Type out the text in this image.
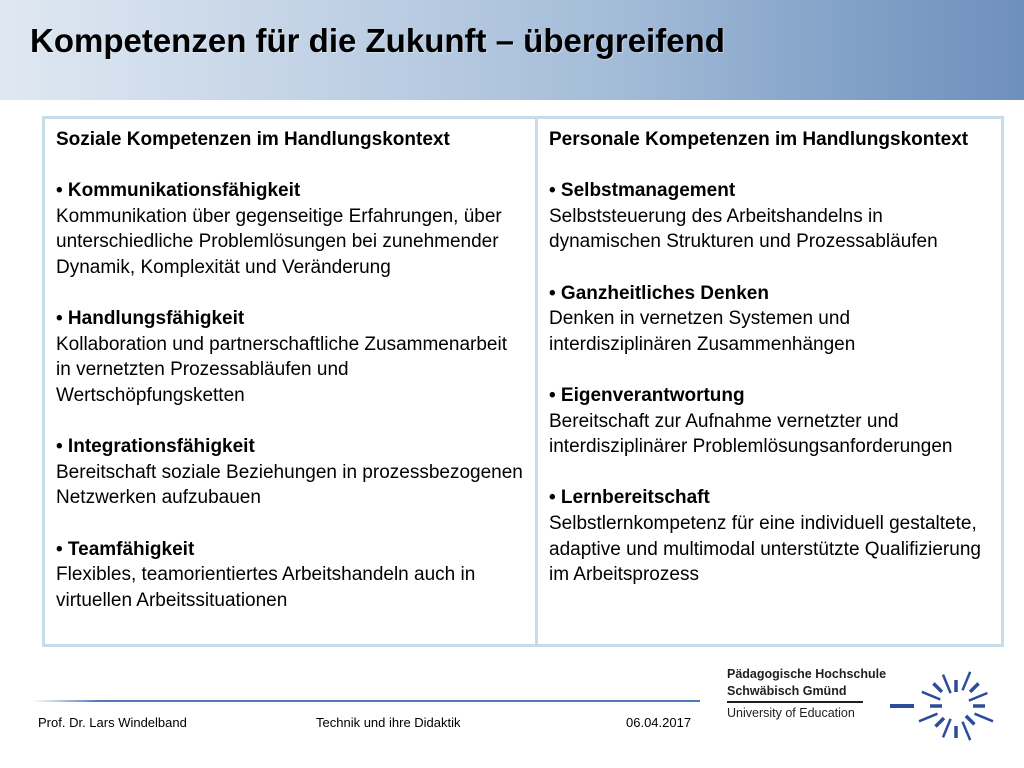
Kompetenzen für die Zukunft – übergreifend
Soziale Kompetenzen im Handlungskontext
• Kommunikationsfähigkeit
Kommunikation über gegenseitige Erfahrungen, über unterschiedliche Problemlösungen bei zunehmender Dynamik, Komplexität und Veränderung
• Handlungsfähigkeit
Kollaboration und partnerschaftliche Zusammenarbeit in vernetzten Prozessabläufen und Wertschöpfungsketten
• Integrationsfähigkeit
Bereitschaft soziale Beziehungen in prozessbezogenen Netzwerken aufzubauen
• Teamfähigkeit
Flexibles, teamorientiertes Arbeitshandeln auch in virtuellen Arbeitssituationen
Personale Kompetenzen im Handlungskontext
• Selbstmanagement
Selbststeuerung des Arbeitshandelns in dynamischen Strukturen und Prozessabläufen
• Ganzheitliches Denken
Denken in vernetzen Systemen und interdisziplinären Zusammenhängen
• Eigenverantwortung
Bereitschaft zur Aufnahme vernetzter und interdisziplinärer Problemlösungsanforderungen
• Lernbereitschaft
Selbstlernkompetenz für eine individuell gestaltete, adaptive und multimodal unterstützte Qualifizierung im Arbeitsprozess
Prof. Dr. Lars Windelband	Technik und ihre Didaktik	06.04.2017
Pädagogische Hochschule
Schwäbisch Gmünd
University of Education
